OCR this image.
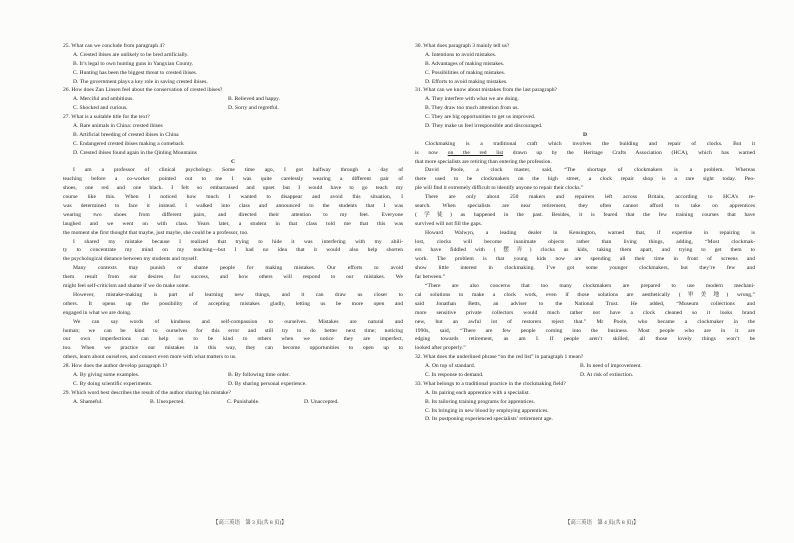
25. What can we conclude from paragraph 4?
A. Crested ibises are unlikely to be bred artificially.
B. It’s legal to own hunting guns in Yangxian County.
C. Hunting has been the biggest threat to crested ibises.
D. The government plays a key role in saving crested ibises.
26. How does Zan Linsen feel about the conservation of crested ibises?
A. Merciful and ambitious.	B. Relieved and happy.
C. Shocked and curious.	D. Sorry and regretful.
27. What is a suitable title for the text?
A. Rare animals in China: crested ibises
B. Artificial breeding of crested ibises in China
C. Endangered crested ibises making a comeback
D. Crested ibises found again in the Qinling Mountains
C
I am a professor of clinical psychology. Some time ago, I got halfway through a day of
teaching before a co-worker pointed out to me I was quite carelessly wearing a different pair of
shoes, one red and one black. I felt so embarrassed and upset but I would have to go teach my
course like this. When I noticed how much I wanted to disappear and avoid this situation, I
was determined to face it instead. I walked into class and announced to the students that I was
wearing two shoes from different pairs, and directed their attention to my feet. Everyone
laughed and we went on with class. Years later, a student in that class told me that this was
the moment she first thought that maybe, just maybe, she could be a professor, too.
I shared my mistake because I realized that trying to hide it was interfering with my abili-
ty to concentrate my mind on my teaching—but I had no idea that it would also help shorten
the psychological distance between my students and myself.
Many contexts may punish or shame people for making mistakes. Our efforts to avoid
them result from our desires for success, and how others will respond to our mistakes. We
might feel self-criticism and shame if we do make some.
However, mistake-making is part of learning new things, and it can draw us closer to
others. It opens up the possibility of accepting mistakes gladly, letting us be more open and
engaged in what we are doing.
We can say words of kindness and self-compassion to ourselves. Mistakes are natural and
human; we can be kind to ourselves for this error and still try to do better next time; noticing
our own imperfections can help us to be kind to others when we notice they are imperfect,
too. When we practice our mistakes in this way, they can become opportunities to open up to
others, learn about ourselves, and connect even more with what matters to us.
28. How does the author develop paragraph 1?
A. By giving some examples.	B. By following time order.
C. By doing scientific experiments.	D. By sharing personal experience.
29. Which word best describes the result of the author sharing his mistake?
A. Shameful.	B. Unexpected.	C. Punishable.	D. Unaccepted.
30. What does paragraph 3 mainly tell us?
A. Intentions to avoid mistakes.
B. Advantages of making mistakes.
C. Possibilities of making mistakes.
D. Efforts to avoid making mistakes.
31. What can we know about mistakes from the last paragraph?
A. They interfere with what we are doing.
B. They draw too much attention from us.
C. They are big opportunities to get us improved.
D. They make us feel irresponsible and discouraged.
D
Clockmaking is a traditional craft which involves the building and repair of clocks. But it
is now on the red list drawn up by the Heritage Crafts Association (HCA), which has warned
that more specialists are retiring than entering the profession.
David Poole, a clock master, said, “The shortage of clockmakers is a problem. Whereas
there used to be clockmakers on the high street, a clock repair shop is a rare sight today. Peo-
ple will find it extremely difficult to identify anyone to repair their clocks.”
There are only about 250 makers and repairers left across Britain, according to HCA’s re-
search. When specialists are near retirement, they often cannot afford to take on apprentices
(学徒) as happened in the past. Besides, it is feared that the few training courses that have
survived will not fill the gaps.
Howard Walwyn, a leading dealer in Kensington, warned that, if expertise in repairing is
lost, clocks will become inanimate objects rather than living things, adding, “Most clockmak-
ers have fiddled with (摆弄) clocks as kids, taking them apart, and trying to get them to
work. The problem is that young kids now are spending all their time in front of screens and
show little interest in clockmaking. I’ve got some younger clockmakers, but they’re few and
far between.”
“There are also concerns that too many clockmakers are prepared to use modern mechani-
cal solutions to make a clock work, even if those solutions are aesthetically (审美地) wrong,”
said Jonathan Betts, an adviser to the National Trust. He added, “Museum collections and
more sensitive private collectors would much rather not have a clock cleaned so it looks brand
new, but an awful lot of restorers reject that.” Mr Poole, who became a clockmaker in the
1990s, said, “There are few people coming into the business. Most people who are in it are
edging towards retirement, as am I. If people aren’t skilled, all those lovely things won’t be
looked after properly.”
32. What does the underlined phrase “on the red list” in paragraph 1 mean?
A. On top of standard.	B. In need of improvement.
C. In response to demand.	D. At risk of extinction.
33. What belongs to a traditional practice in the clockmaking field?
A. Its pairing each apprentice with a specialist.
B. Its tailoring training programs for apprentices.
C. Its bringing in new blood by employing apprentices.
D. Its postponing experienced specialists’ retirement age.
【高三英语　第 3 页(共 8 页)】	【高三英语　第 4 页(共 8 页)】
